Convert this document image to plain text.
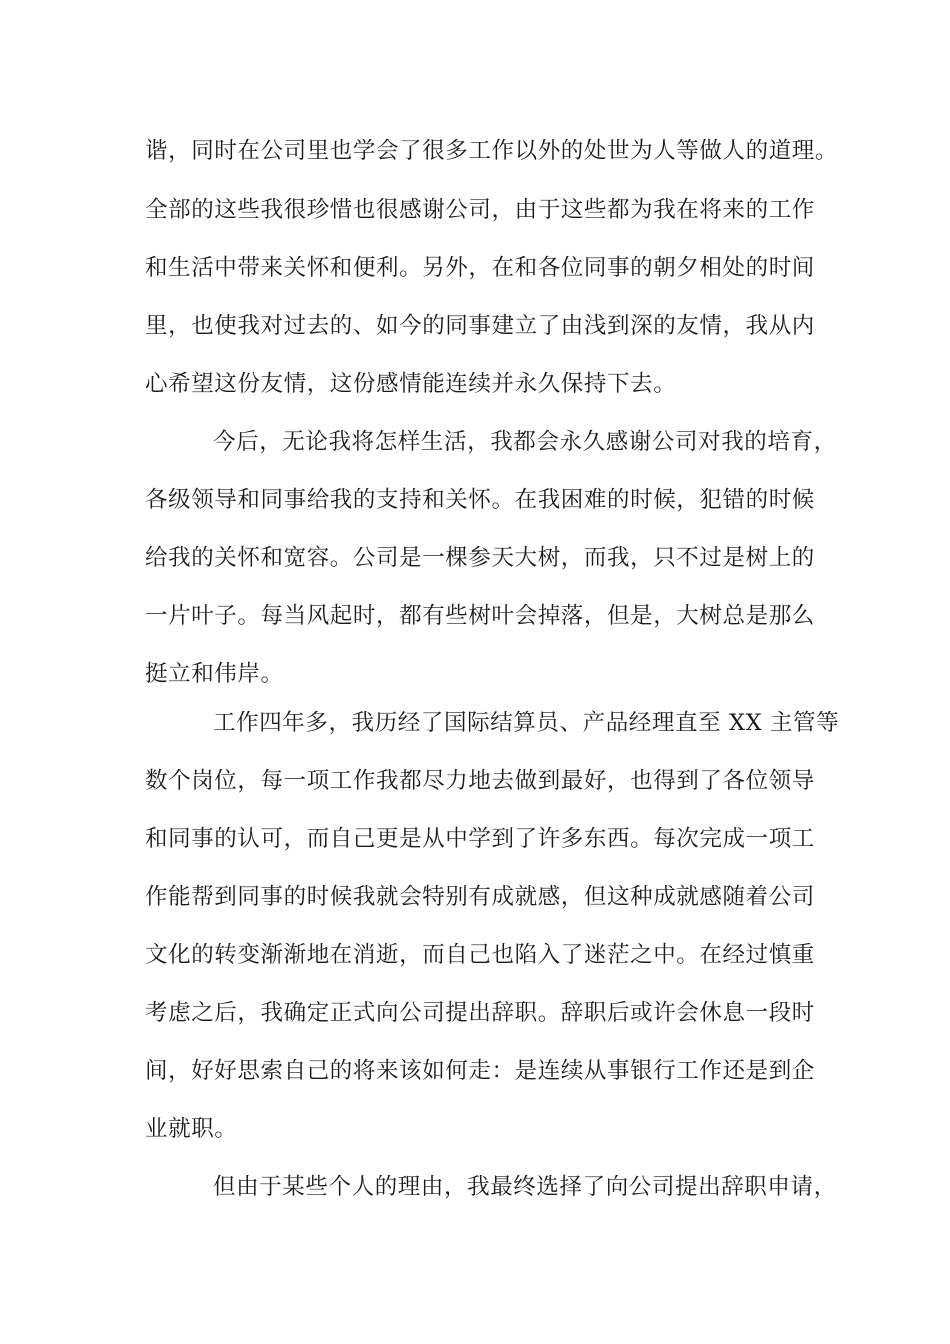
谐，同时在公司里也学会了很多工作以外的处世为人等做人的道理。
全部的这些我很珍惜也很感谢公司，由于这些都为我在将来的工作
和生活中带来关怀和便利。另外，在和各位同事的朝夕相处的时间
里，也使我对过去的、如今的同事建立了由浅到深的友情，我从内
心希望这份友情，这份感情能连续并永久保持下去。
今后，无论我将怎样生活，我都会永久感谢公司对我的培育，
各级领导和同事给我的支持和关怀。在我困难的时候，犯错的时候
给我的关怀和宽容。公司是一棵参天大树，而我，只不过是树上的
一片叶子。每当风起时，都有些树叶会掉落，但是，大树总是那么
挺立和伟岸。
工作四年多，我历经了国际结算员、产品经理直至 XX 主管等
数个岗位，每一项工作我都尽力地去做到最好，也得到了各位领导
和同事的认可，而自己更是从中学到了许多东西。每次完成一项工
作能帮到同事的时候我就会特别有成就感，但这种成就感随着公司
文化的转变渐渐地在消逝，而自己也陷入了迷茫之中。在经过慎重
考虑之后，我确定正式向公司提出辞职。辞职后或许会休息一段时
间，好好思索自己的将来该如何走：是连续从事银行工作还是到企
业就职。
但由于某些个人的理由，我最终选择了向公司提出辞职申请，
